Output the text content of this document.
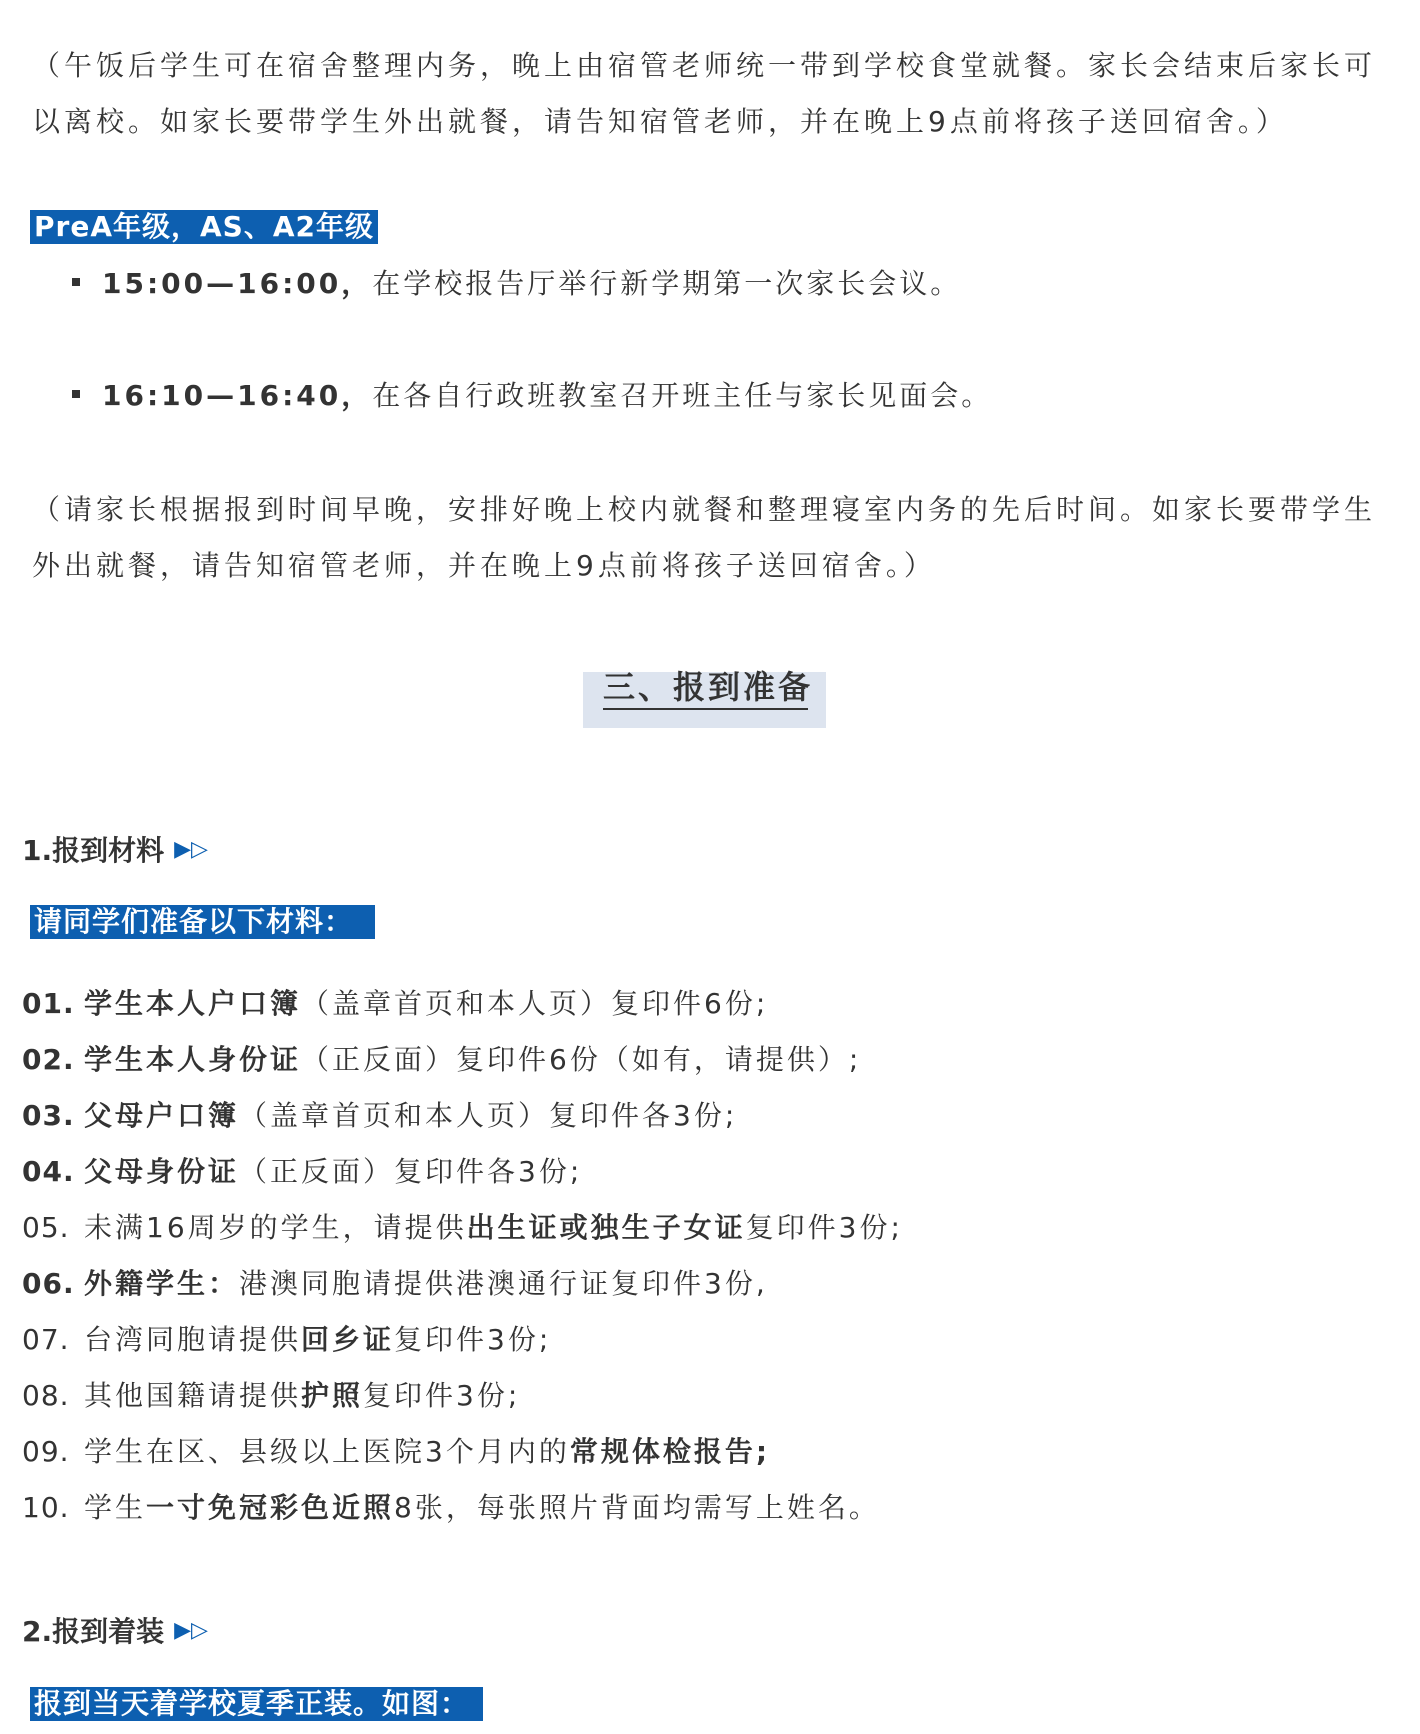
（午饭后学生可在宿舍整理内务，晚上由宿管老师统一带到学校食堂就餐。家长会结束后家长可以离校。如家长要带学生外出就餐，请告知宿管老师，并在晚上9点前将孩子送回宿舍。）
PreA年级，AS、A2年级
15:00—16:00，在学校报告厅举行新学期第一次家长会议。
16:10—16:40，在各自行政班教室召开班主任与家长见面会。
（请家长根据报到时间早晚，安排好晚上校内就餐和整理寝室内务的先后时间。如家长要带学生外出就餐，请告知宿管老师，并在晚上9点前将孩子送回宿舍。）
三、报到准备
1.报到材料 ▶▷
请同学们准备以下材料：
01. 学生本人户口簿（盖章首页和本人页）复印件6份;
02. 学生本人身份证（正反面）复印件6份（如有，请提供）;
03. 父母户口簿（盖章首页和本人页）复印件各3份;
04. 父母身份证（正反面）复印件各3份;
05. 未满16周岁的学生，请提供出生证或独生子女证复印件3份;
06. 外籍学生：港澳同胞请提供港澳通行证复印件3份,
07. 台湾同胞请提供回乡证复印件3份;
08. 其他国籍请提供护照复印件3份;
09. 学生在区、县级以上医院3个月内的常规体检报告;
10. 学生一寸免冠彩色近照8张，每张照片背面均需写上姓名。
2.报到着装 ▶▷
报到当天着学校夏季正装。如图：
